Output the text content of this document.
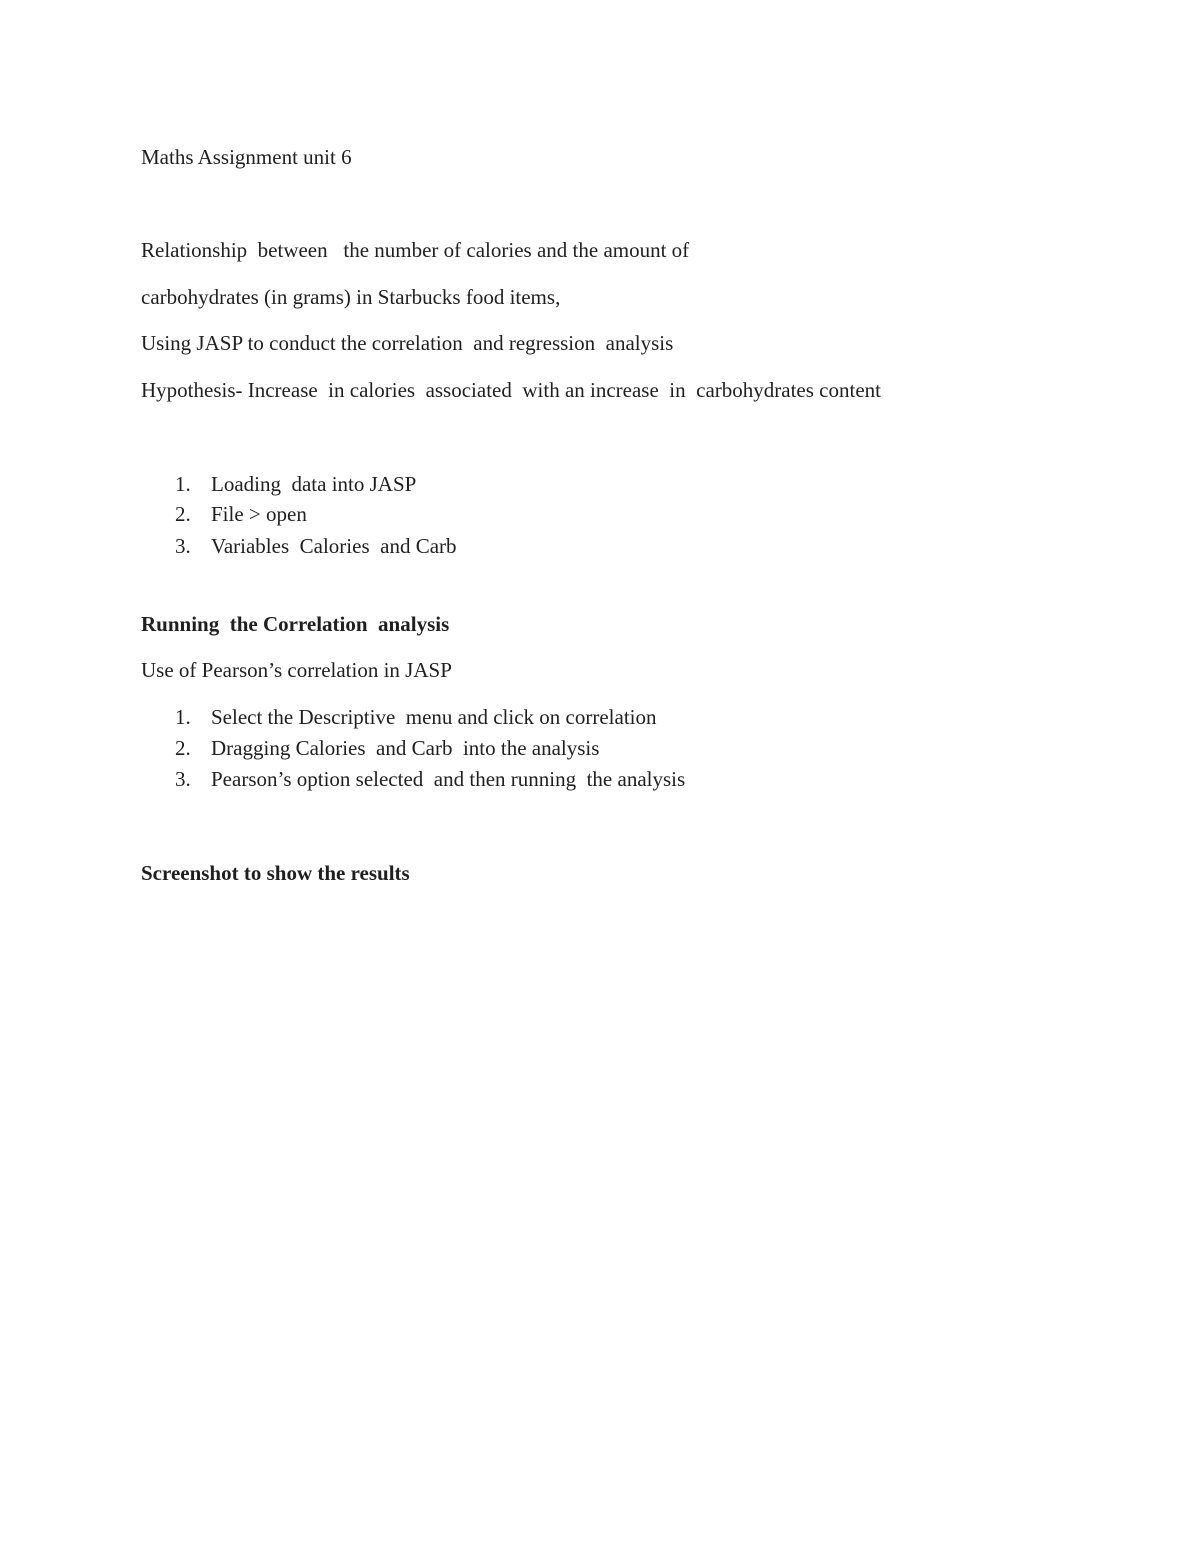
Maths Assignment unit 6
Relationship  between   the number of calories and the amount of
carbohydrates (in grams) in Starbucks food items,
Using JASP to conduct the correlation  and regression  analysis
Hypothesis- Increase  in calories  associated  with an increase  in  carbohydrates content
1. Loading  data into JASP
2. File > open
3. Variables  Calories  and Carb
Running  the Correlation  analysis
Use of Pearson’s correlation in JASP
1. Select the Descriptive  menu and click on correlation
2. Dragging Calories  and Carb  into the analysis
3. Pearson’s option selected  and then running  the analysis
Screenshot to show the results
